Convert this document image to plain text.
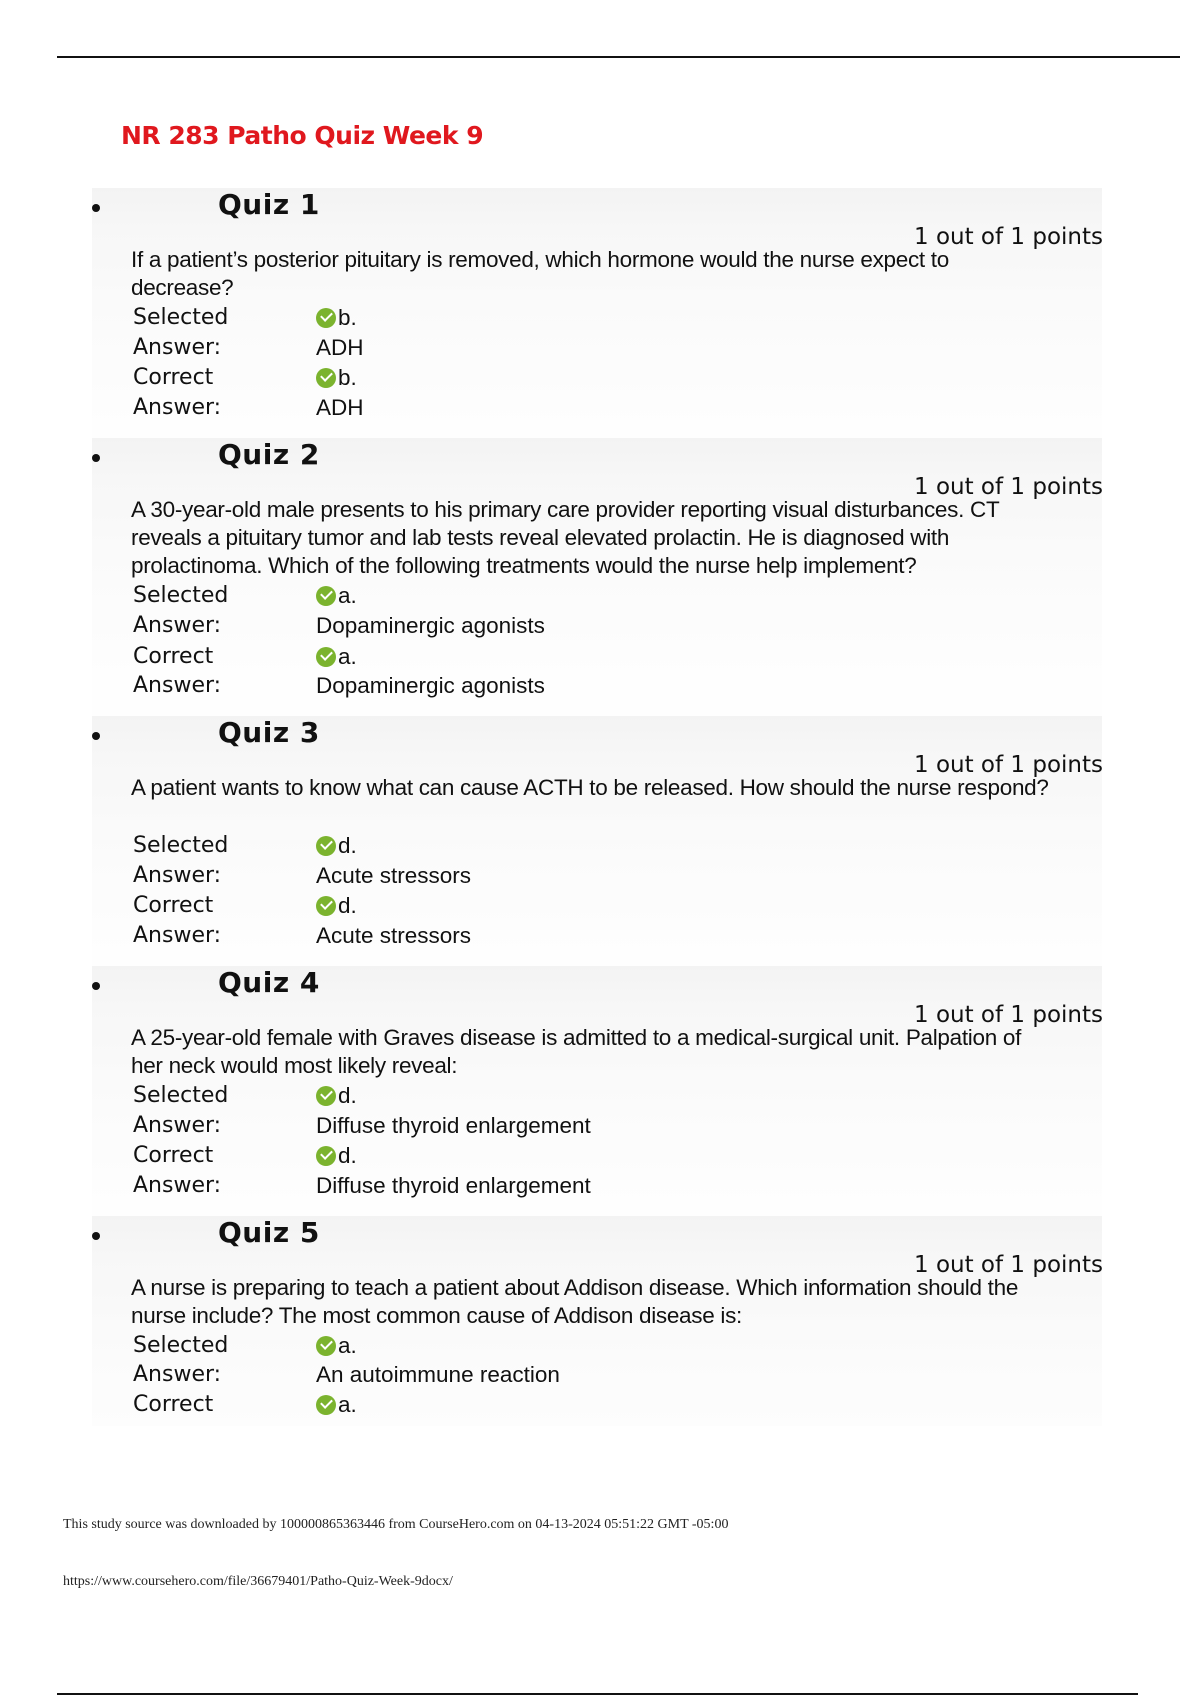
NR 283 Patho Quiz Week 9
Quiz 1
1 out of 1 points
If a patient’s posterior pituitary is removed, which hormone would the nurse expect to decrease?
Selected	b.
Answer:	ADH
Correct	b.
Answer:	ADH
Quiz 2
1 out of 1 points
A 30-year-old male presents to his primary care provider reporting visual disturbances. CT reveals a pituitary tumor and lab tests reveal elevated prolactin. He is diagnosed with prolactinoma. Which of the following treatments would the nurse help implement?
Selected	a.
Answer:	Dopaminergic agonists
Correct	a.
Answer:	Dopaminergic agonists
Quiz 3
1 out of 1 points
A patient wants to know what can cause ACTH to be released. How should the nurse respond?
Selected	d.
Answer:	Acute stressors
Correct	d.
Answer:	Acute stressors
Quiz 4
1 out of 1 points
A 25-year-old female with Graves disease is admitted to a medical-surgical unit. Palpation of her neck would most likely reveal:
Selected	d.
Answer:	Diffuse thyroid enlargement
Correct	d.
Answer:	Diffuse thyroid enlargement
Quiz 5
1 out of 1 points
A nurse is preparing to teach a patient about Addison disease. Which information should the nurse include? The most common cause of Addison disease is:
Selected	a.
Answer:	An autoimmune reaction
Correct	a.
This study source was downloaded by 100000865363446 from CourseHero.com on 04-13-2024 05:51:22 GMT -05:00
https://www.coursehero.com/file/36679401/Patho-Quiz-Week-9docx/
